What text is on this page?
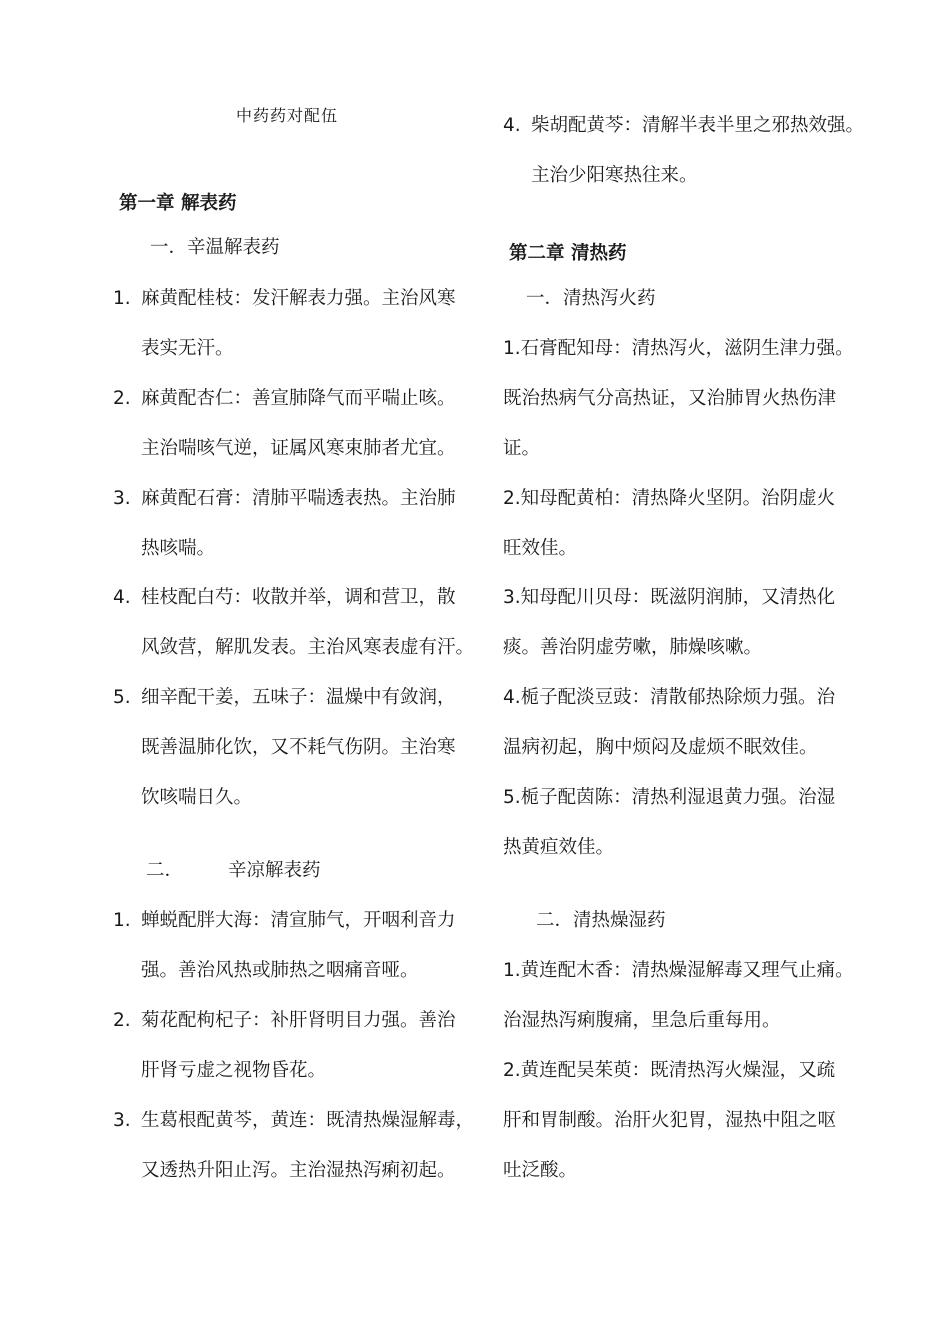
中药药对配伍
第一章 解表药
一．辛温解表药
1. 麻黄配桂枝：发汗解表力强。主治风寒
表实无汗。
2. 麻黄配杏仁：善宣肺降气而平喘止咳。
主治喘咳气逆，证属风寒束肺者尤宜。
3. 麻黄配石膏：清肺平喘透表热。主治肺
热咳喘。
4. 桂枝配白芍：收散并举，调和营卫，散
风敛营，解肌发表。主治风寒表虚有汗。
5. 细辛配干姜，五味子：温燥中有敛润，
既善温肺化饮，又不耗气伤阴。主治寒
饮咳喘日久。
二． 辛凉解表药
1. 蝉蜕配胖大海：清宣肺气，开咽利音力
强。善治风热或肺热之咽痛音哑。
2. 菊花配枸杞子：补肝肾明目力强。善治
肝肾亏虚之视物昏花。
3. 生葛根配黄芩，黄连：既清热燥湿解毒，
又透热升阳止泻。主治湿热泻痢初起。
4. 柴胡配黄芩：清解半表半里之邪热效强。
主治少阳寒热往来。
第二章 清热药
一．清热泻火药
1.石膏配知母：清热泻火，滋阴生津力强。
既治热病气分高热证，又治肺胃火热伤津
证。
2.知母配黄柏：清热降火坚阴。治阴虚火
旺效佳。
3.知母配川贝母：既滋阴润肺，又清热化
痰。善治阴虚劳嗽，肺燥咳嗽。
4.栀子配淡豆豉：清散郁热除烦力强。治
温病初起，胸中烦闷及虚烦不眠效佳。
5.栀子配茵陈：清热利湿退黄力强。治湿
热黄疸效佳。
二．清热燥湿药
1.黄连配木香：清热燥湿解毒又理气止痛。
治湿热泻痢腹痛，里急后重每用。
2.黄连配吴茱萸：既清热泻火燥湿，又疏
肝和胃制酸。治肝火犯胃，湿热中阻之呕
吐泛酸。
